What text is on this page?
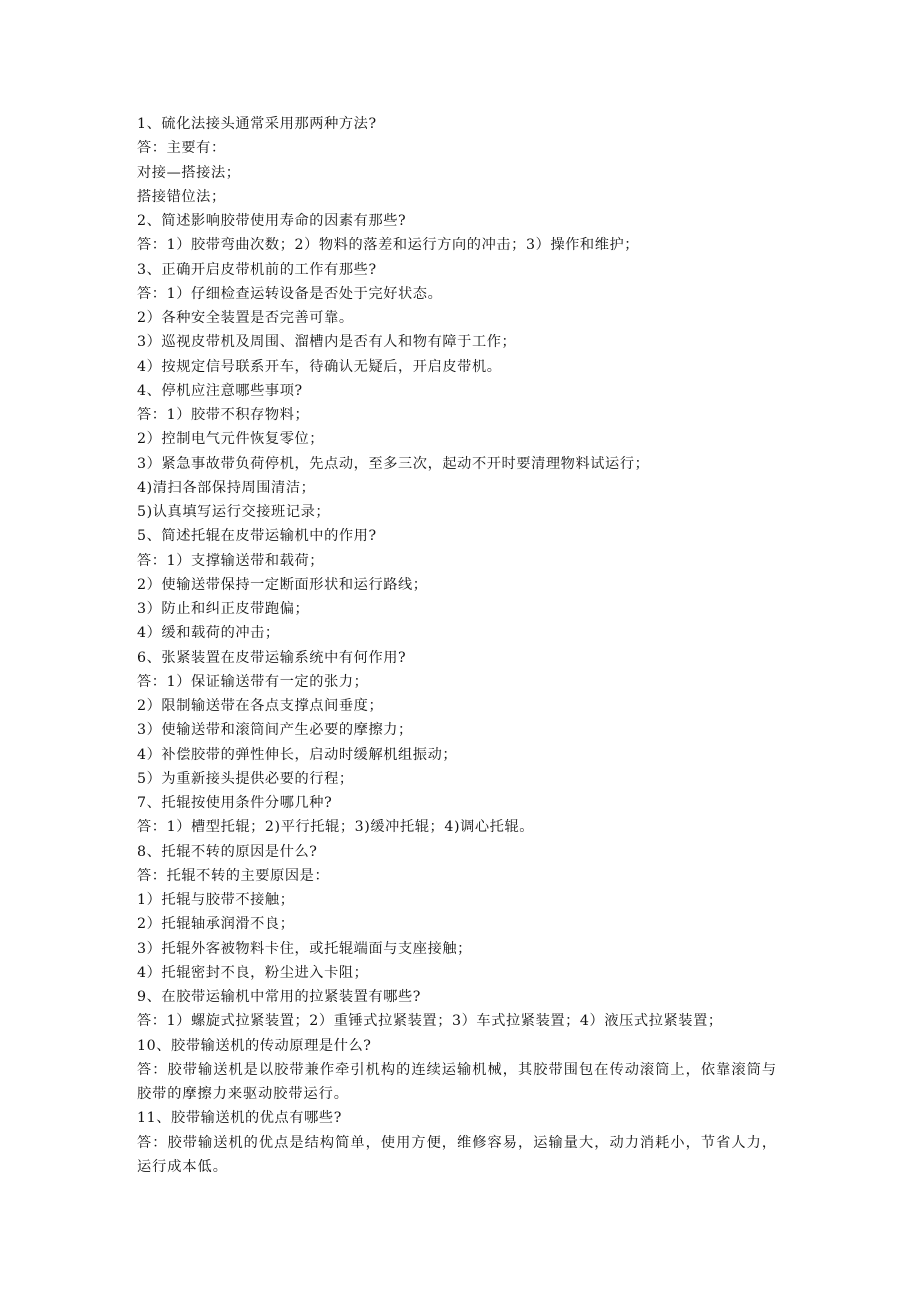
1、硫化法接头通常采用那两种方法?
答：主要有：
对接—搭接法；
搭接错位法；
2、简述影响胶带使用寿命的因素有那些?
答：1）胶带弯曲次数；2）物料的落差和运行方向的冲击；3）操作和维护；
3、正确开启皮带机前的工作有那些?
答：1）仔细检查运转设备是否处于完好状态。
2）各种安全装置是否完善可靠。
3）巡视皮带机及周围、溜槽内是否有人和物有障于工作；
4）按规定信号联系开车，待确认无疑后，开启皮带机。
4、停机应注意哪些事项?
答：1）胶带不积存物料；
2）控制电气元件恢复零位；
3）紧急事故带负荷停机，先点动，至多三次，起动不开时要清理物料试运行；
4)清扫各部保持周围清洁；
5)认真填写运行交接班记录；
5、简述托辊在皮带运输机中的作用?
答：1）支撑输送带和载荷；
2）使输送带保持一定断面形状和运行路线；
3）防止和纠正皮带跑偏；
4）缓和载荷的冲击；
6、张紧装置在皮带运输系统中有何作用?
答：1）保证输送带有一定的张力；
2）限制输送带在各点支撑点间垂度；
3）使输送带和滚筒间产生必要的摩擦力；
4）补偿胶带的弹性伸长，启动时缓解机组振动；
5）为重新接头提供必要的行程；
7、托辊按使用条件分哪几种?
答：1）槽型托辊；2)平行托辊；3)缓冲托辊；4)调心托辊。
8、托辊不转的原因是什么?
答：托辊不转的主要原因是：
1）托辊与胶带不接触；
2）托辊轴承润滑不良；
3）托辊外客被物料卡住，或托辊端面与支座接触；
4）托辊密封不良，粉尘进入卡阻；
9、在胶带运输机中常用的拉紧装置有哪些?
答：1）螺旋式拉紧装置；2）重锤式拉紧装置；3）车式拉紧装置；4）液压式拉紧装置；
10、胶带输送机的传动原理是什么?
答：胶带输送机是以胶带兼作牵引机构的连续运输机械，其胶带围包在传动滚筒上，依靠滚筒与胶带的摩擦力来驱动胶带运行。
11、胶带输送机的优点有哪些?
答：胶带输送机的优点是结构简单，使用方便，维修容易，运输量大，动力消耗小，节省人力，运行成本低。
